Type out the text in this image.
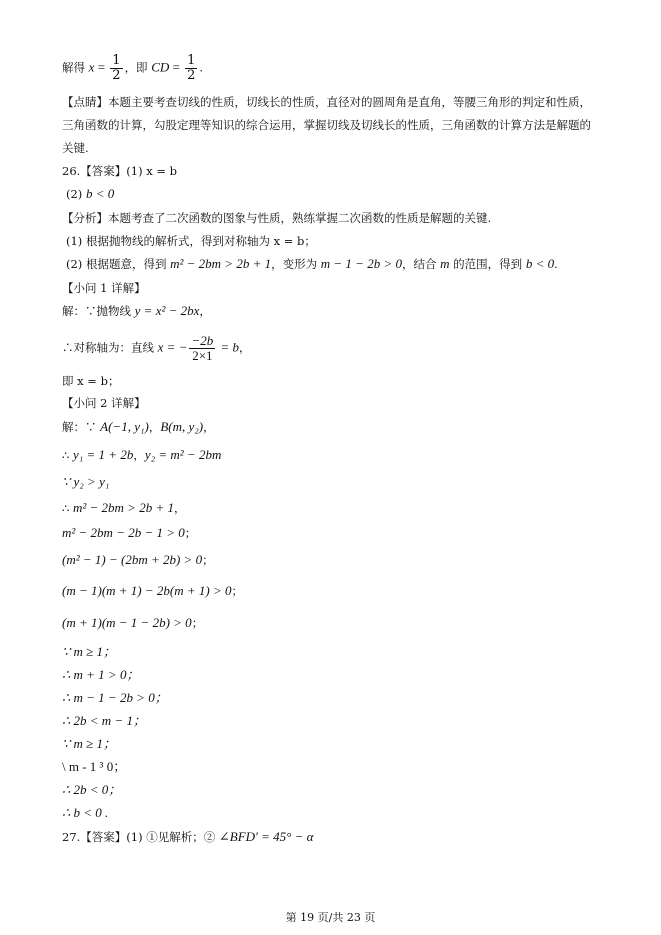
解得 $x = \frac{1}{2}$ ，即 CD = $\frac{1}{2}$ .
【点睛】本题主要考查切线的性质，切线长的性质，直径对的圆周角是直角，等腰三角形的判定和性质，
三角函数的计算，勾股定理等知识的综合运用，掌握切线及切线长的性质，三角函数的计算方法是解题的
关键.
26.【答案】(1) x = b
(2) b < 0
【分析】本题考查了二次函数的图象与性质，熟练掌握二次函数的性质是解题的关键.
(1) 根据抛物线的解析式，得到对称轴为 x = b；
(2) 根据题意，得到 m² − 2bm > 2b + 1，变形为 m − 1 − 2b > 0，结合 m 的范围，得到 b < 0.
【小问 1 详解】
解：∵抛物线 y = x² − 2bx，
∴对称轴为：直线 x = − $\frac{-2b}{2\times 1} = b$，
即 x = b；
【小问 2 详解】
解：∵ A(−1, y₁)，B(m, y₂)，
∴ y₁ = 1 + 2b，y₂ = m² − 2bm
∵ y₂ > y₁
∴ m² − 2bm > 2b + 1，
m² − 2bm − 2b − 1 > 0；
(m² − 1) − (2bm + 2b) > 0；
(m − 1)(m + 1) − 2b(m + 1) > 0；
(m + 1)(m − 1 − 2b) > 0；
∵ m ≥ 1；
∴ m + 1 > 0；
∴ m − 1 − 2b > 0；
∴ 2b < m − 1；
∵ m ≥ 1；
\ m - 1 ³ 0；
∴ 2b < 0；
∴ b < 0 .
27.【答案】(1) ①见解析；② ∠BFD′ = 45° − α
第 19 页/共 23 页
